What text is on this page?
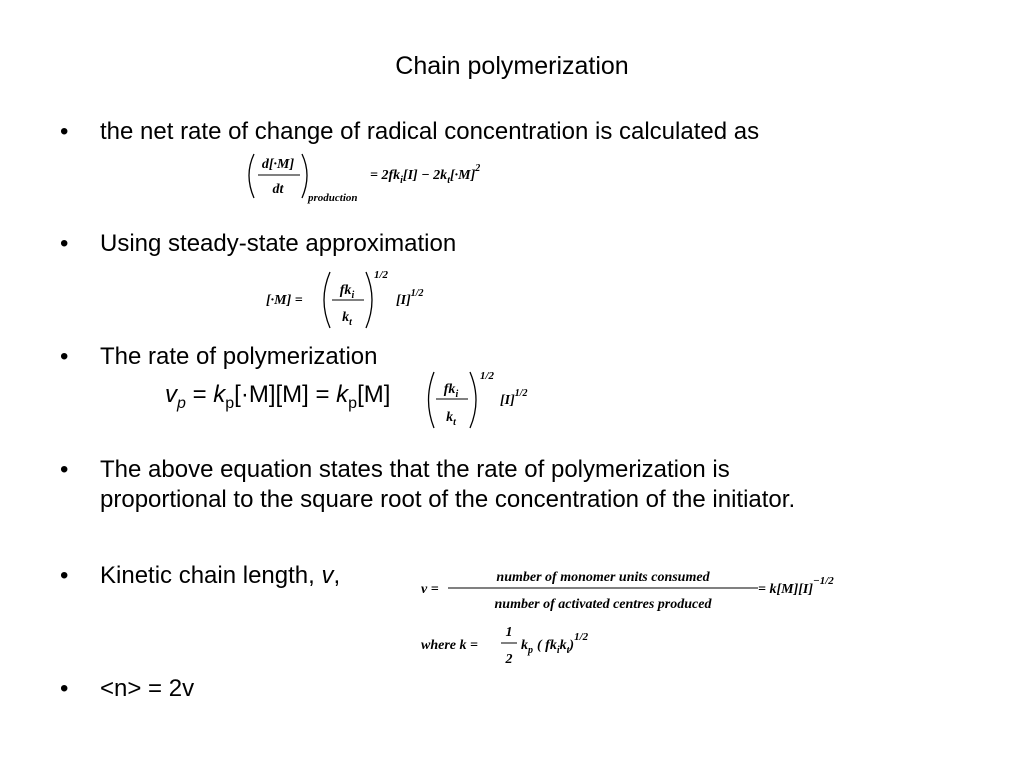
Chain polymerization
• the net rate of change of radical concentration is calculated as
d[·M]
dt
production
= $2fk_i[I] - 2k_t[\cdot M]^2$
• Using steady-state approximation
[·M] =
$fk_i$
$k_t$
1/2
$[I]^{1/2}$
• The rate of polymerization
$v_p = k_p[\cdot M][M] = k_p[M]$	$fk_i$
$k_t$
1/2
$[I]^{1/2}$
• The above equation states that the rate of polymerization is
proportional to the square root of the concentration of the initiator.
• Kinetic chain length, v,
v =
number of monomer units consumed
number of activated centres produced
= $k[M][I]^{-1/2}$
where k =
1
2
$k_p$ ( $fk_ik_t)^{1/2}$
• <n> = 2v
